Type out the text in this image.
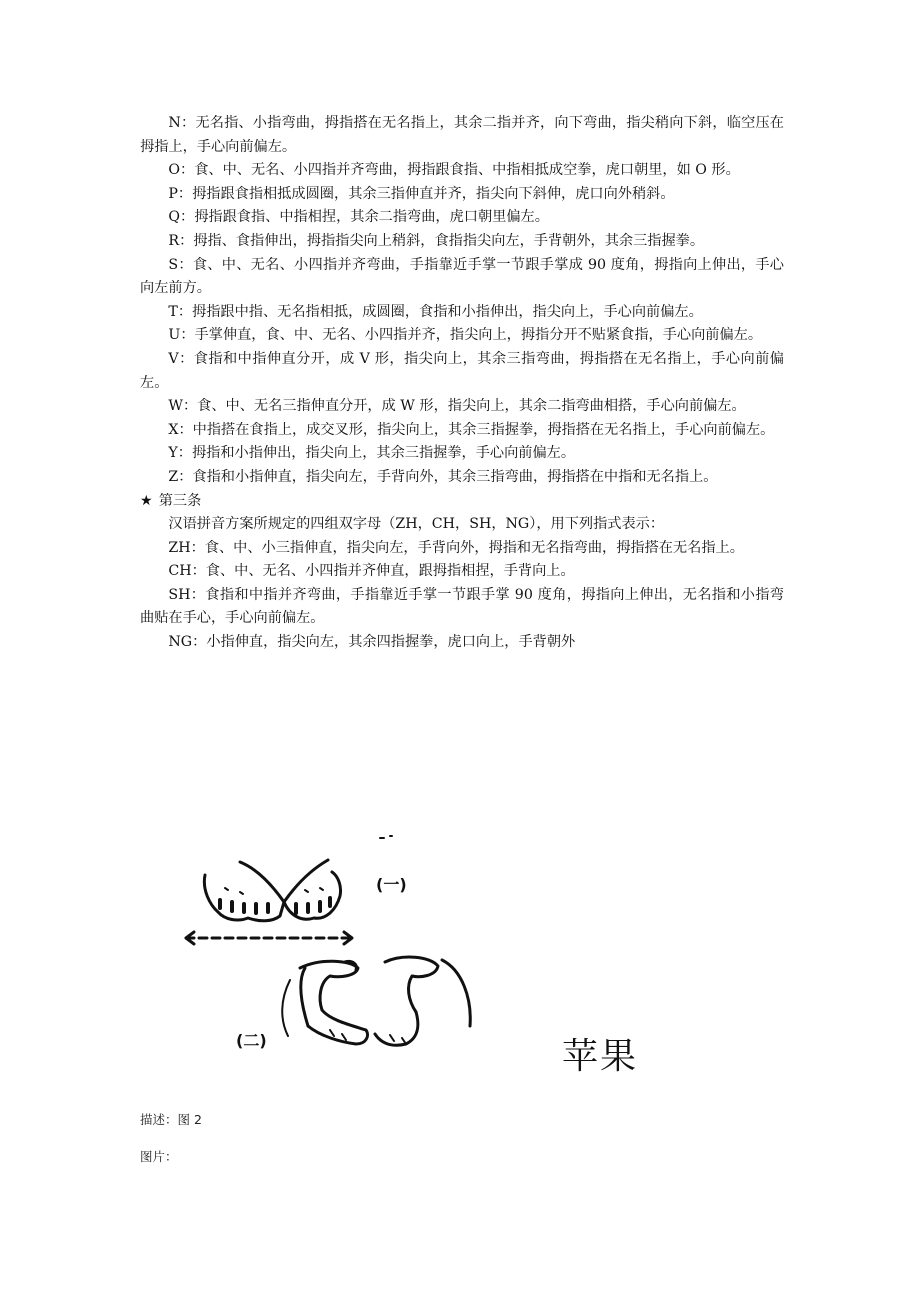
N：无名指、小指弯曲，拇指搭在无名指上，其余二指并齐，向下弯曲，指尖稍向下斜，临空压在拇指上，手心向前偏左。

O：食、中、无名、小四指并齐弯曲，拇指跟食指、中指相抵成空拳，虎口朝里，如 O 形。

P：拇指跟食指相抵成圆圈，其余三指伸直并齐，指尖向下斜伸，虎口向外稍斜。

Q：拇指跟食指、中指相捏，其余二指弯曲，虎口朝里偏左。

R：拇指、食指伸出，拇指指尖向上稍斜，食指指尖向左，手背朝外，其余三指握拳。

S：食、中、无名、小四指并齐弯曲，手指靠近手掌一节跟手掌成 90 度角，拇指向上伸出，手心向左前方。

T：拇指跟中指、无名指相抵，成圆圈，食指和小指伸出，指尖向上，手心向前偏左。

U：手掌伸直，食、中、无名、小四指并齐，指尖向上，拇指分开不贴紧食指，手心向前偏左。

V：食指和中指伸直分开，成 V 形，指尖向上，其余三指弯曲，拇指搭在无名指上，手心向前偏左。

W：食、中、无名三指伸直分开，成 W 形，指尖向上，其余二指弯曲相搭，手心向前偏左。

X：中指搭在食指上，成交叉形，指尖向上，其余三指握拳，拇指搭在无名指上，手心向前偏左。

Y：拇指和小指伸出，指尖向上，其余三指握拳，手心向前偏左。

Z：食指和小指伸直，指尖向左，手背向外，其余三指弯曲，拇指搭在中指和无名指上。

★ 第三条

汉语拼音方案所规定的四组双字母（ZH，CH，SH，NG），用下列指式表示：

ZH：食、中、小三指伸直，指尖向左，手背向外，拇指和无名指弯曲，拇指搭在无名指上。

CH：食、中、无名、小四指并齐伸直，跟拇指相捏，手背向上。

SH：食指和中指并齐弯曲，手指靠近手掌一节跟手掌 90 度角，拇指向上伸出，无名指和小指弯曲贴在手心，手心向前偏左。

NG：小指伸直，指尖向左，其余四指握拳，虎口向上，手背朝外

(一)
(二)	苹果
描述：图 2
图片：
